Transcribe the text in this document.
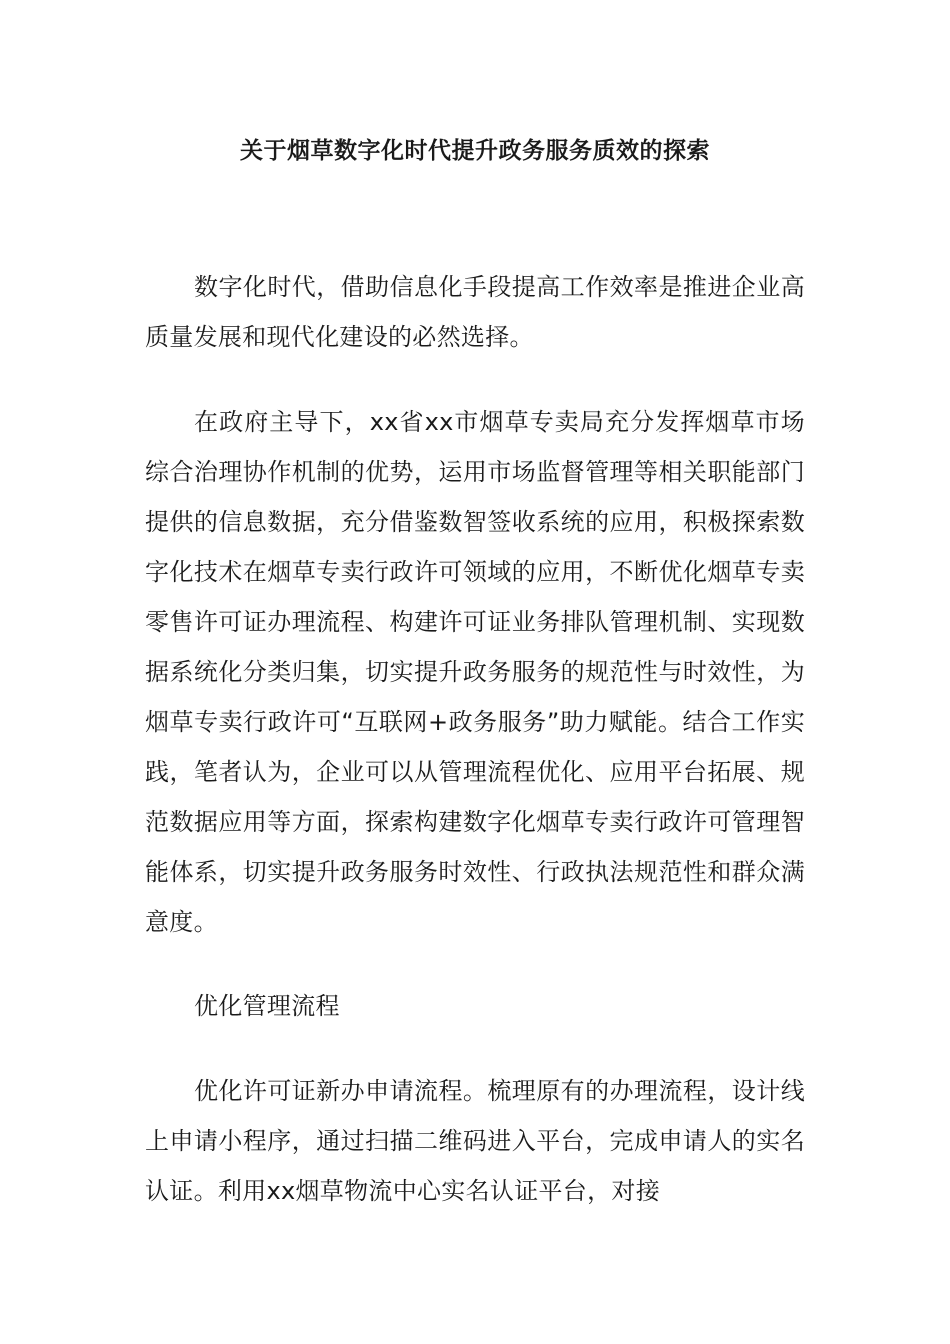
关于烟草数字化时代提升政务服务质效的探索

数字化时代，借助信息化手段提高工作效率是推进企业高质量发展和现代化建设的必然选择。

在政府主导下，xx省xx市烟草专卖局充分发挥烟草市场综合治理协作机制的优势，运用市场监督管理等相关职能部门提供的信息数据，充分借鉴数智签收系统的应用，积极探索数字化技术在烟草专卖行政许可领域的应用，不断优化烟草专卖零售许可证办理流程、构建许可证业务排队管理机制、实现数据系统化分类归集，切实提升政务服务的规范性与时效性，为烟草专卖行政许可“互联网+政务服务”助力赋能。结合工作实践，笔者认为，企业可以从管理流程优化、应用平台拓展、规范数据应用等方面，探索构建数字化烟草专卖行政许可管理智能体系，切实提升政务服务时效性、行政执法规范性和群众满意度。

优化管理流程

优化许可证新办申请流程。梳理原有的办理流程，设计线上申请小程序，通过扫描二维码进入平台，完成申请人的实名认证。利用xx烟草物流中心实名认证平台，对接
